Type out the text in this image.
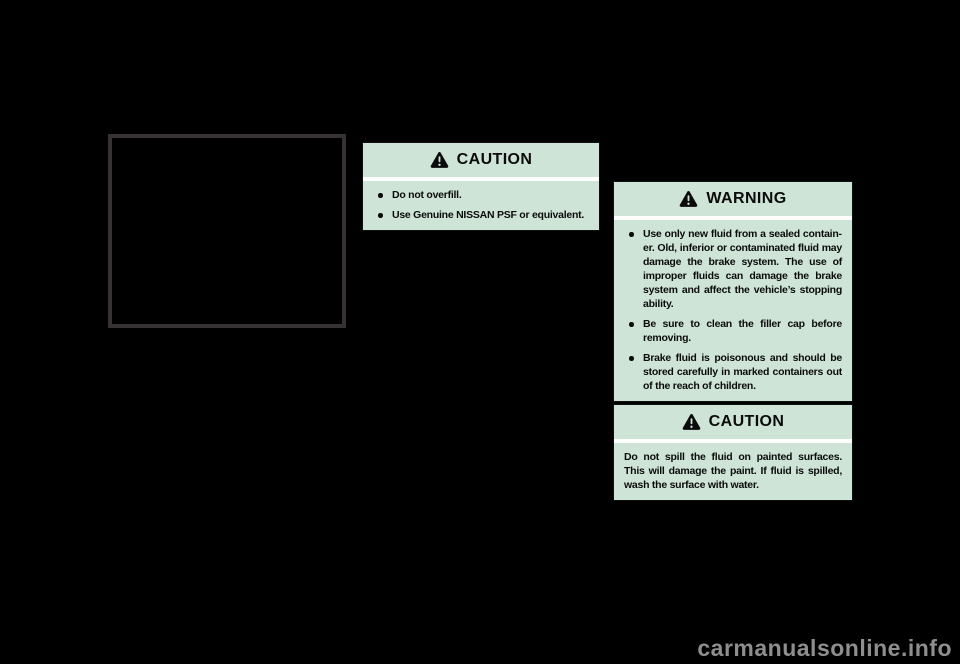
CAUTION
Do not overfill.
Use Genuine NISSAN PSF or equivalent.
WARNING
Use only new fluid from a sealed container. Old, inferior or contaminated fluid may damage the brake system. The use of improper fluids can damage the brake system and affect the vehicle’s stopping ability.
Be sure to clean the filler cap before removing.
Brake fluid is poisonous and should be stored carefully in marked containers out of the reach of children.
CAUTION
Do not spill the fluid on painted surfaces. This will damage the paint. If fluid is spilled, wash the surface with water.
carmanualsonline.info
